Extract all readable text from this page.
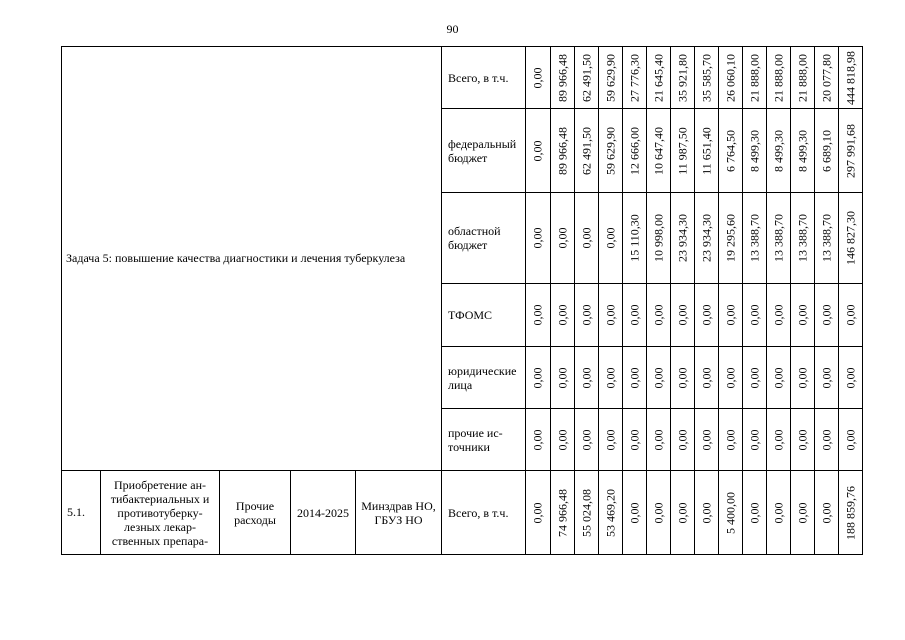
90
Задача 5: повышение качества диагностики и лечения туберкулеза					Всего, в т.ч.	0,00	89 966,48	62 491,50	59 629,90	27 776,30	21 645,40	35 921,80	35 585,70	26 060,10	21 888,00	21 888,00	21 888,00	20 077,80	444 818,98

					федеральный бюджет	0,00	89 966,48	62 491,50	59 629,90	12 666,00	10 647,40	11 987,50	11 651,40	6 764,50	8 499,30	8 499,30	8 499,30	6 689,10	297 991,68

					областной бюджет	0,00	0,00	0,00	0,00	15 110,30	10 998,00	23 934,30	23 934,30	19 295,60	13 388,70	13 388,70	13 388,70	13 388,70	146 827,30

					ТФОМС	0,00	0,00	0,00	0,00	0,00	0,00	0,00	0,00	0,00	0,00	0,00	0,00	0,00	0,00

					юридические лица	0,00	0,00	0,00	0,00	0,00	0,00	0,00	0,00	0,00	0,00	0,00	0,00	0,00	0,00

					прочие ис-точники	0,00	0,00	0,00	0,00	0,00	0,00	0,00	0,00	0,00	0,00	0,00	0,00	0,00	0,00

5.1.	Приобретение ан-тибактериальных и противотуберку-лезных лекар-ственных препара-	Прочие расходы	2014-2025	Минздрав НО, ГБУЗ НО	Всего, в т.ч.	0,00	74 966,48	55 024,08	53 469,20	0,00	0,00	0,00	0,00	5 400,00	0,00	0,00	0,00	0,00	188 859,76
